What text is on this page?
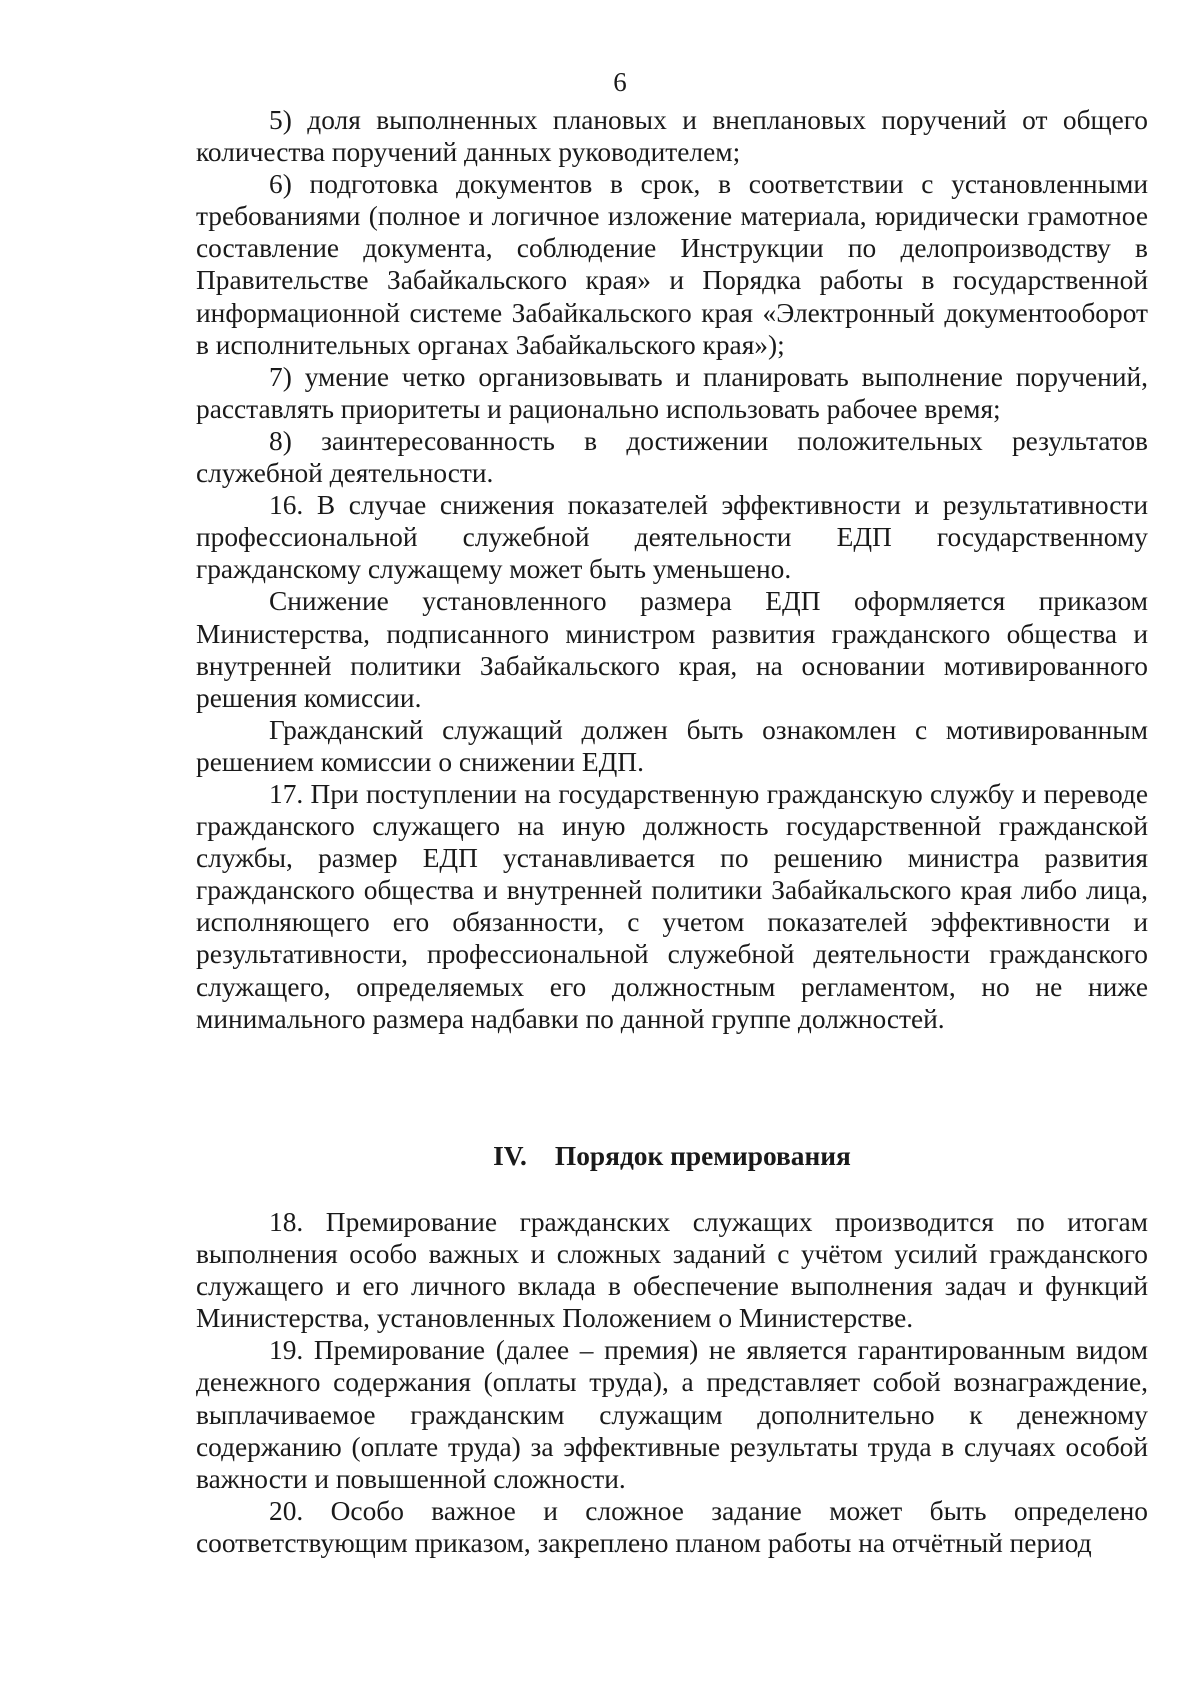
6

5) доля выполненных плановых и внеплановых поручений от общего количества поручений данных руководителем;

6) подготовка документов в срок, в соответствии с установленными требованиями (полное и логичное изложение материала, юридически грамотное составление документа, соблюдение Инструкции по делопроизводству в Правительстве Забайкальского края» и Порядка работы в государственной информационной системе Забайкальского края «Электронный документооборот в исполнительных органах Забайкальского края»);

7) умение четко организовывать и планировать выполнение поручений, расставлять приоритеты и рационально использовать рабочее время;

8) заинтересованность в достижении положительных результатов служебной деятельности.

16. В случае снижения показателей эффективности и результативности профессиональной служебной деятельности ЕДП государственному гражданскому служащему может быть уменьшено.

Снижение установленного размера ЕДП оформляется приказом Министерства, подписанного министром развития гражданского общества и внутренней политики Забайкальского края, на основании мотивированного решения комиссии.

Гражданский служащий должен быть ознакомлен с мотивированным решением комиссии о снижении ЕДП.

17. При поступлении на государственную гражданскую службу и переводе гражданского служащего на иную должность государственной гражданской службы, размер ЕДП устанавливается по решению министра развития гражданского общества и внутренней политики Забайкальского края либо лица, исполняющего его обязанности, с учетом показателей эффективности и результативности, профессиональной служебной деятельности гражданского служащего, определяемых его должностным регламентом, но не ниже минимального размера надбавки по данной группе должностей.

IV. Порядок премирования

18. Премирование гражданских служащих производится по итогам выполнения особо важных и сложных заданий с учётом усилий гражданского служащего и его личного вклада в обеспечение выполнения задач и функций Министерства, установленных Положением о Министерстве.

19. Премирование (далее – премия) не является гарантированным видом денежного содержания (оплаты труда), а представляет собой вознаграждение, выплачиваемое гражданским служащим дополнительно к денежному содержанию (оплате труда) за эффективные результаты труда в случаях особой важности и повышенной сложности.

20. Особо важное и сложное задание может быть определено соответствующим приказом, закреплено планом работы на отчётный период
